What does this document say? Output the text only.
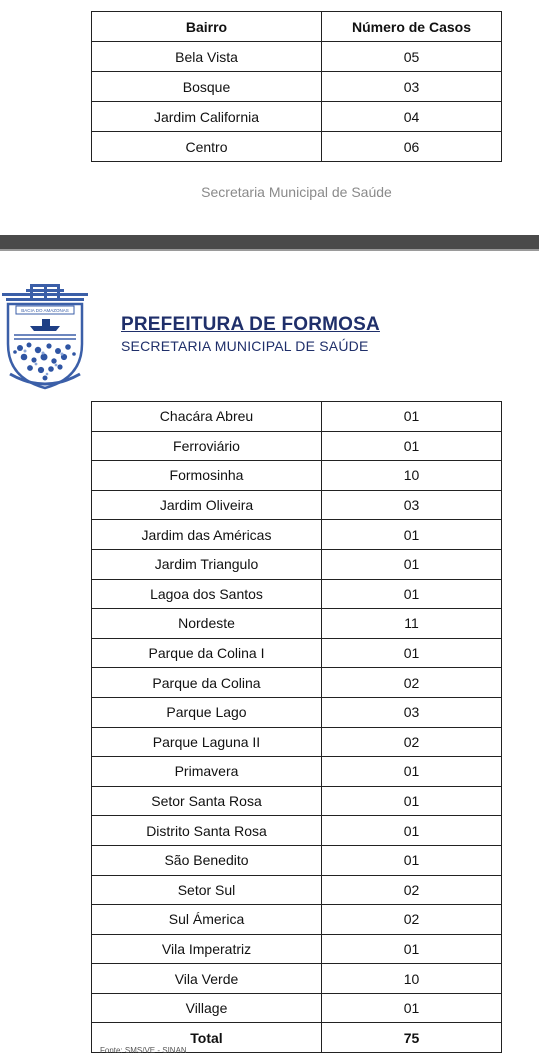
Bairro	Número de Casos
Bela Vista	05
Bosque	03
Jardim California	04
Centro	06
Secretaria Municipal de Saúde
BACIA DO AMAZONAS
PREFEITURA DE FORMOSA
SECRETARIA MUNICIPAL DE SAÚDE
Chacára Abreu	01
Ferroviário	01
Formosinha	10
Jardim Oliveira	03
Jardim das Américas	01
Jardim Triangulo	01
Lagoa dos Santos	01
Nordeste	11
Parque da Colina I	01
Parque da Colina	02
Parque Lago	03
Parque Laguna II	02
Primavera	01
Setor Santa Rosa	01
Distrito Santa Rosa	01
São Benedito	01
Setor Sul	02
Sul Ámerica	02
Vila Imperatriz	01
Vila Verde	10
Village	01
Total	75
Fonte: SMS/VE - SINAN
